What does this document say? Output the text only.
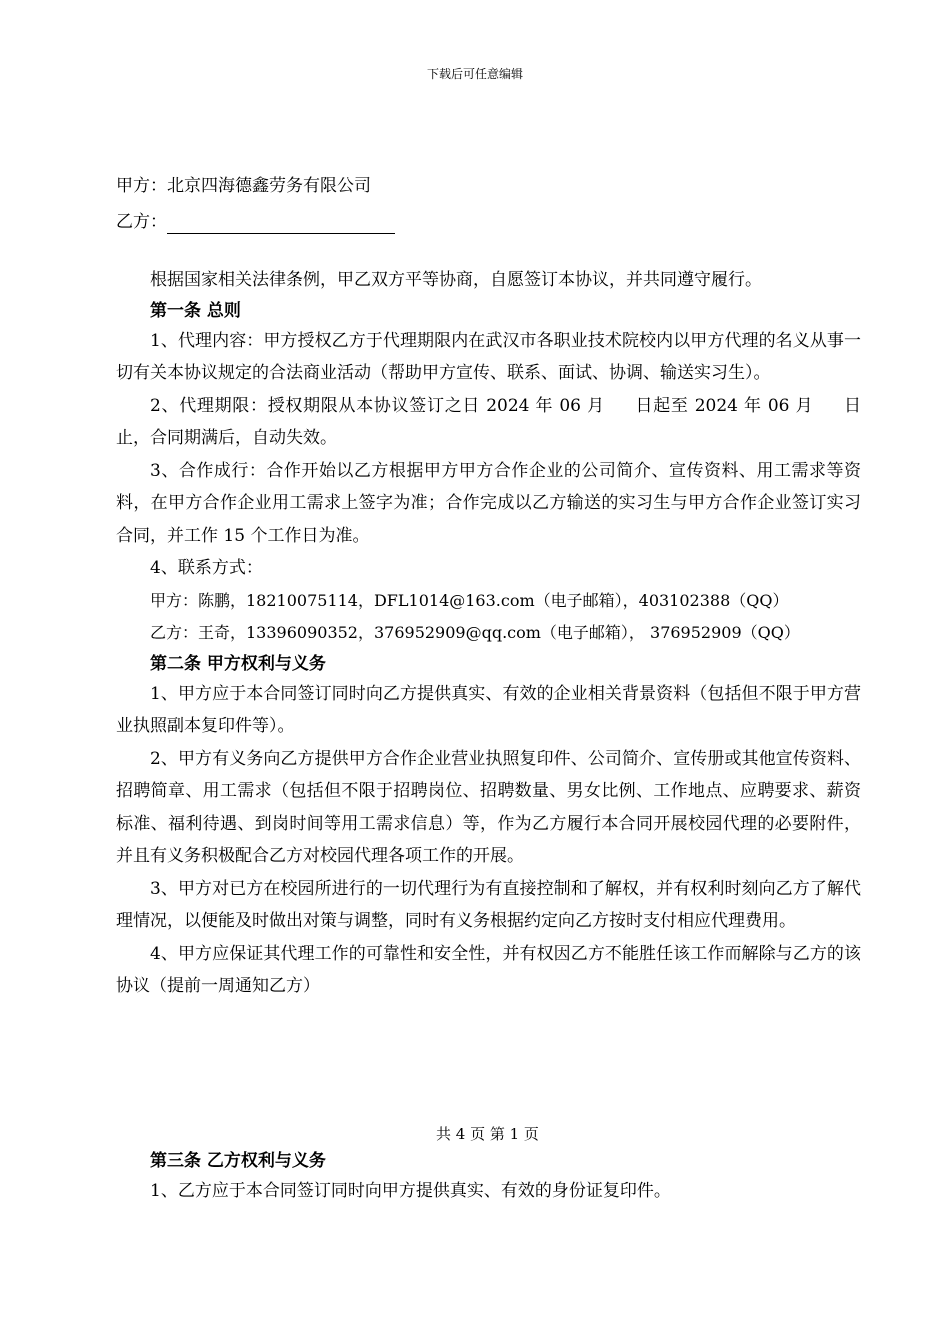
下载后可任意编辑
甲方：北京四海德鑫劳务有限公司
乙方：

根据国家相关法律条例，甲乙双方平等协商，自愿签订本协议，并共同遵守履行。

第一条 总则

1、代理内容：甲方授权乙方于代理期限内在武汉市各职业技术院校内以甲方代理的名义从事一切有关本协议规定的合法商业活动（帮助甲方宣传、联系、面试、协调、输送实习生）。

2、代理期限：授权期限从本协议签订之日 2024 年 06 月 日起至 2024 年 06 月 日止，合同期满后，自动失效。

3、合作成行：合作开始以乙方根据甲方甲方合作企业的公司简介、宣传资料、用工需求等资料，在甲方合作企业用工需求上签字为准；合作完成以乙方输送的实习生与甲方合作企业签订实习合同，并工作 15 个工作日为准。

4、联系方式：

甲方：陈鹏，18210075114，DFL1014@163.com（电子邮箱），403102388（QQ）

乙方：王奇，13396090352，376952909@qq.com（电子邮箱）， 376952909（QQ）

第二条 甲方权利与义务

1、甲方应于本合同签订同时向乙方提供真实、有效的企业相关背景资料（包括但不限于甲方营业执照副本复印件等）。

2、甲方有义务向乙方提供甲方合作企业营业执照复印件、公司简介、宣传册或其他宣传资料、招聘简章、用工需求（包括但不限于招聘岗位、招聘数量、男女比例、工作地点、应聘要求、薪资标准、福利待遇、到岗时间等用工需求信息）等，作为乙方履行本合同开展校园代理的必要附件，并且有义务积极配合乙方对校园代理各项工作的开展。

3、甲方对已方在校园所进行的一切代理行为有直接控制和了解权，并有权利时刻向乙方了解代理情况，以便能及时做出对策与调整，同时有义务根据约定向乙方按时支付相应代理费用。

4、甲方应保证其代理工作的可靠性和安全性，并有权因乙方不能胜任该工作而解除与乙方的该协议（提前一周通知乙方）

共 4 页 第 1 页

第三条 乙方权利与义务

1、乙方应于本合同签订同时向甲方提供真实、有效的身份证复印件。
